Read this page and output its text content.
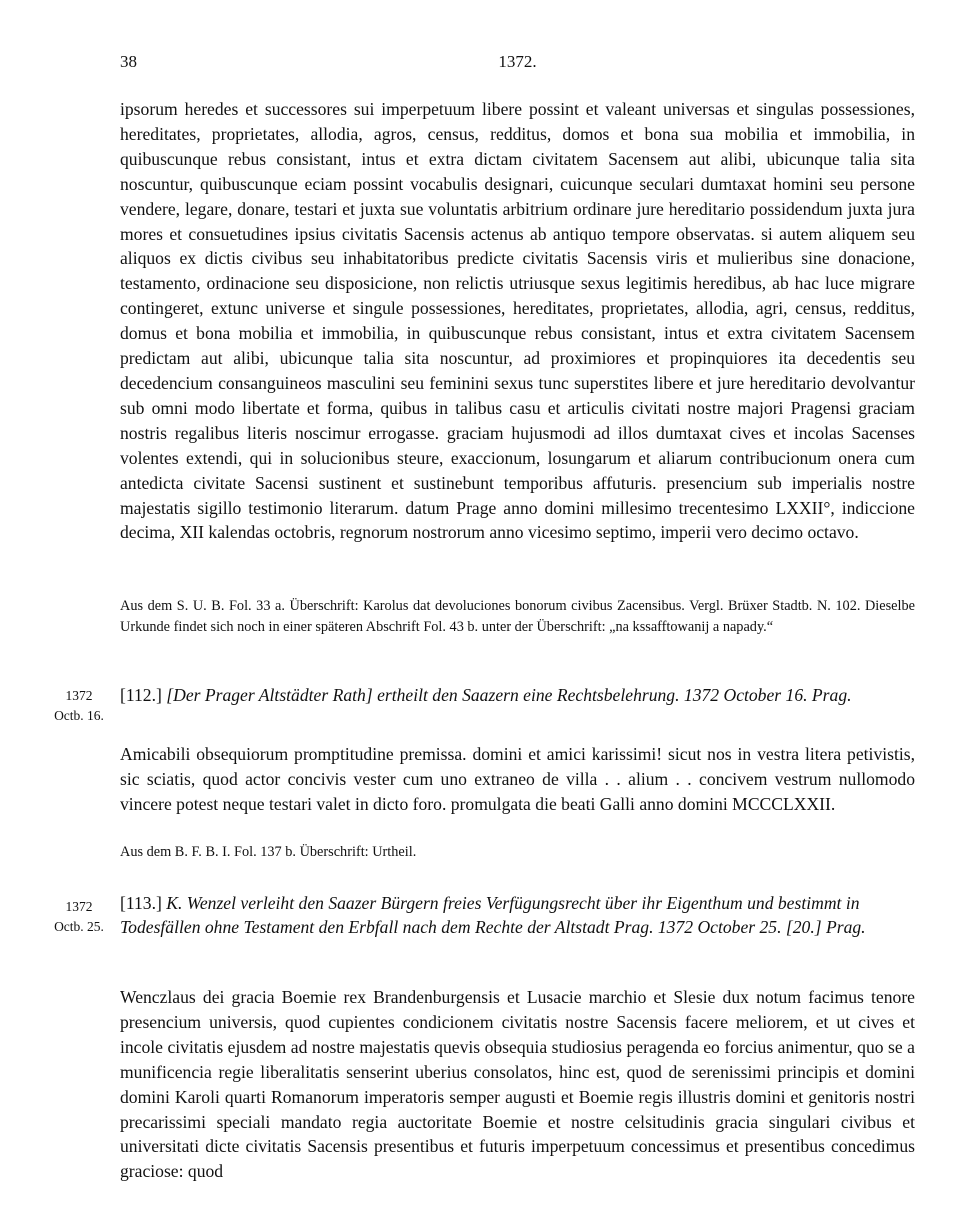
38	1372.

ipsorum heredes et successores sui imperpetuum libere possint et valeant universas et singulas possessiones, hereditates, proprietates, allodia, agros, census, redditus, domos et bona sua mobilia et immobilia, in quibuscunque rebus consistant, intus et extra dictam civitatem Sacensem aut alibi, ubicunque talia sita noscuntur, quibuscunque eciam possint vocabulis designari, cuicunque seculari dumtaxat homini seu persone vendere, legare, donare, testari et juxta sue voluntatis arbitrium ordinare jure hereditario possidendum juxta jura mores et consuetudines ipsius civitatis Sacensis actenus ab antiquo tempore observatas. si autem aliquem seu aliquos ex dictis civibus seu inhabitatoribus predicte civitatis Sacensis viris et mulieribus sine donacione, testamento, ordinacione seu disposicione, non relictis utriusque sexus legitimis heredibus, ab hac luce migrare contingeret, extunc universe et singule possessiones, hereditates, proprietates, allodia, agri, census, redditus, domus et bona mobilia et immobilia, in quibuscunque rebus consistant, intus et extra civitatem Sacensem predictam aut alibi, ubicunque talia sita noscuntur, ad proximiores et propinquiores ita decedentis seu decedencium consanguineos masculini seu feminini sexus tunc superstites libere et jure hereditario devolvantur sub omni modo libertate et forma, quibus in talibus casu et articulis civitati nostre majori Pragensi graciam nostris regalibus literis noscimur errogasse. graciam hujusmodi ad illos dumtaxat cives et incolas Sacenses volentes extendi, qui in solucionibus steure, exaccionum, losungarum et aliarum contribucionum onera cum antedicta civitate Sacensi sustinent et sustinebunt temporibus affuturis. presencium sub imperialis nostre majestatis sigillo testimonio literarum. datum Prage anno domini millesimo trecentesimo LXXII°, indiccione decima, XII kalendas octobris, regnorum nostrorum anno vicesimo septimo, imperii vero decimo octavo.

Aus dem S. U. B. Fol. 33 a. Überschrift: Karolus dat devoluciones bonorum civibus Zacensibus. Vergl. Brüxer Stadtb. N. 102. Dieselbe Urkunde findet sich noch in einer späteren Abschrift Fol. 43 b. unter der Überschrift: „na kssafftowanij a napady.“

1372
Octb. 16.

[112.] [Der Prager Altstädter Rath] ertheilt den Saazern eine Rechtsbelehrung. 1372 October 16. Prag.

Amicabili obsequiorum promptitudine premissa. domini et amici karissimi! sicut nos in vestra litera petivistis, sic sciatis, quod actor concivis vester cum uno extraneo de villa . . alium . . concivem vestrum nullomodo vincere potest neque testari valet in dicto foro. promulgata die beati Galli anno domini MCCCLXXII.

Aus dem B. F. B. I. Fol. 137 b. Überschrift: Urtheil.

1372
Octb. 25.

[113.] K. Wenzel verleiht den Saazer Bürgern freies Verfügungsrecht über ihr Eigenthum und bestimmt in Todesfällen ohne Testament den Erbfall nach dem Rechte der Altstadt Prag. 1372 October 25. [20.] Prag.

Wenczlaus dei gracia Boemie rex Brandenburgensis et Lusacie marchio et Slesie dux notum facimus tenore presencium universis, quod cupientes condicionem civitatis nostre Sacensis facere meliorem, et ut cives et incole civitatis ejusdem ad nostre majestatis quevis obsequia studiosius peragenda eo forcius animentur, quo se a munificencia regie liberalitatis senserint uberius consolatos, hinc est, quod de serenissimi principis et domini domini Karoli quarti Romanorum imperatoris semper augusti et Boemie regis illustris domini et genitoris nostri precarissimi speciali mandato regia auctoritate Boemie et nostre celsitudinis gracia singulari civibus et universitati dicte civitatis Sacensis presentibus et futuris imperpetuum concessimus et presentibus concedimus graciose: quod
